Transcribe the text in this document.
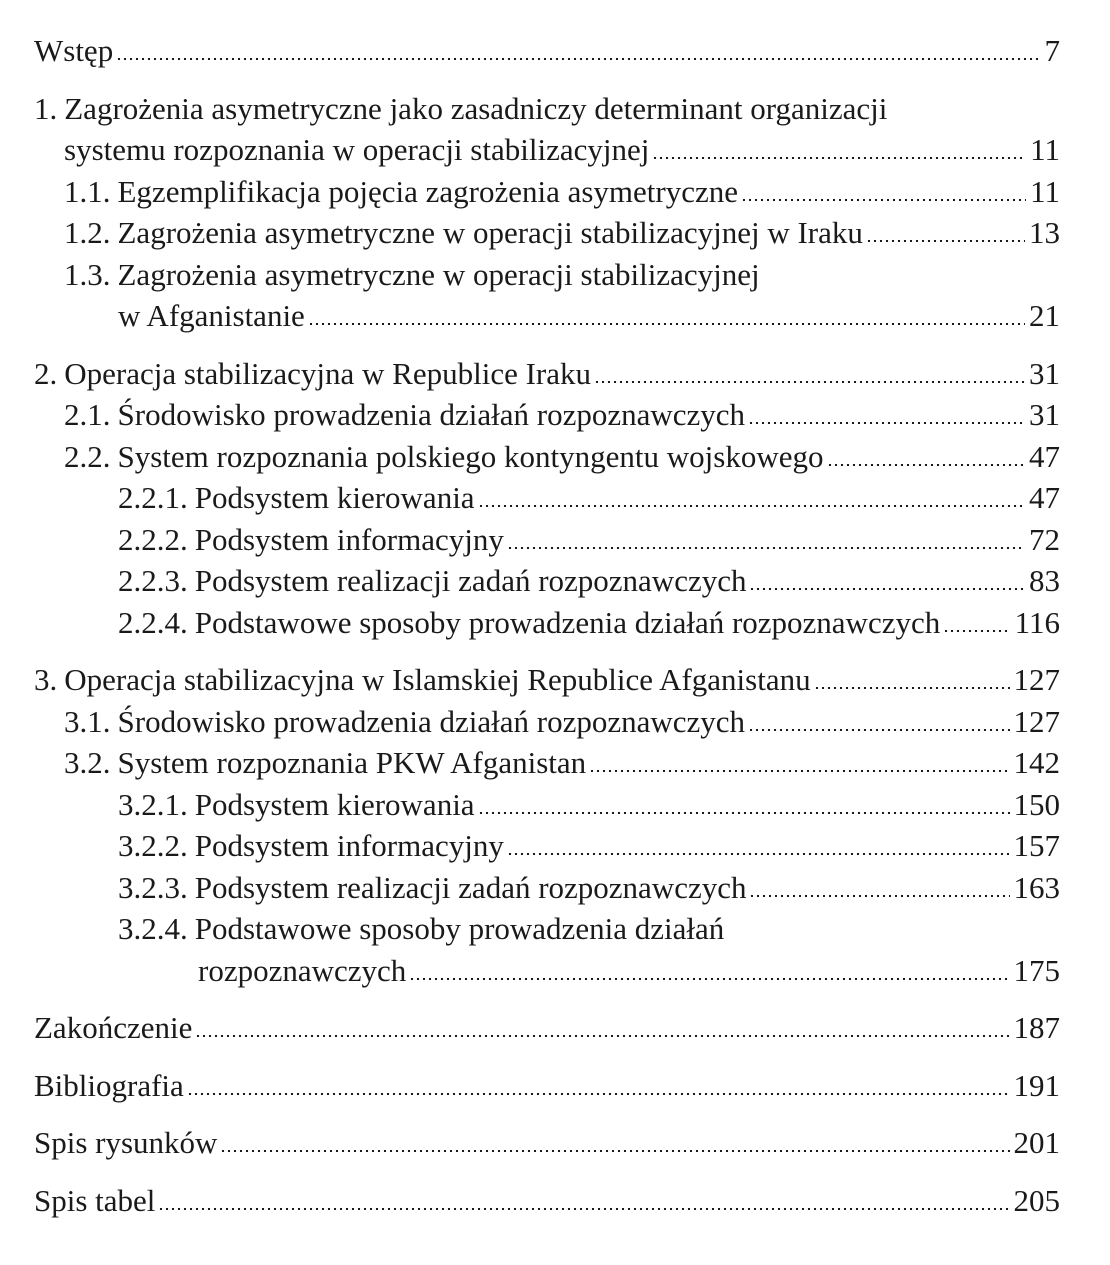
Wstęp	7
1. Zagrożenia asymetryczne jako zasadniczy determinant organizacji
systemu rozpoznania w operacji stabilizacyjnej	11
1.1. Egzemplifikacja pojęcia zagrożenia asymetryczne	11
1.2. Zagrożenia asymetryczne w operacji stabilizacyjnej w Iraku	13
1.3. Zagrożenia asymetryczne w operacji stabilizacyjnej
w Afganistanie	21
2. Operacja stabilizacyjna w Republice Iraku	31
2.1. Środowisko prowadzenia działań rozpoznawczych	31
2.2. System rozpoznania polskiego kontyngentu wojskowego	47
2.2.1. Podsystem kierowania	47
2.2.2. Podsystem informacyjny	72
2.2.3. Podsystem realizacji zadań rozpoznawczych	83
2.2.4. Podstawowe sposoby prowadzenia działań rozpoznawczych 116
3. Operacja stabilizacyjna w Islamskiej Republice Afganistanu	127
3.1. Środowisko prowadzenia działań rozpoznawczych	127
3.2. System rozpoznania PKW Afganistan	142
3.2.1. Podsystem kierowania	150
3.2.2. Podsystem informacyjny	157
3.2.3. Podsystem realizacji zadań rozpoznawczych	163
3.2.4. Podstawowe sposoby prowadzenia działań
rozpoznawczych	175
Zakończenie	187
Bibliografia	191
Spis rysunków	201
Spis tabel	205
